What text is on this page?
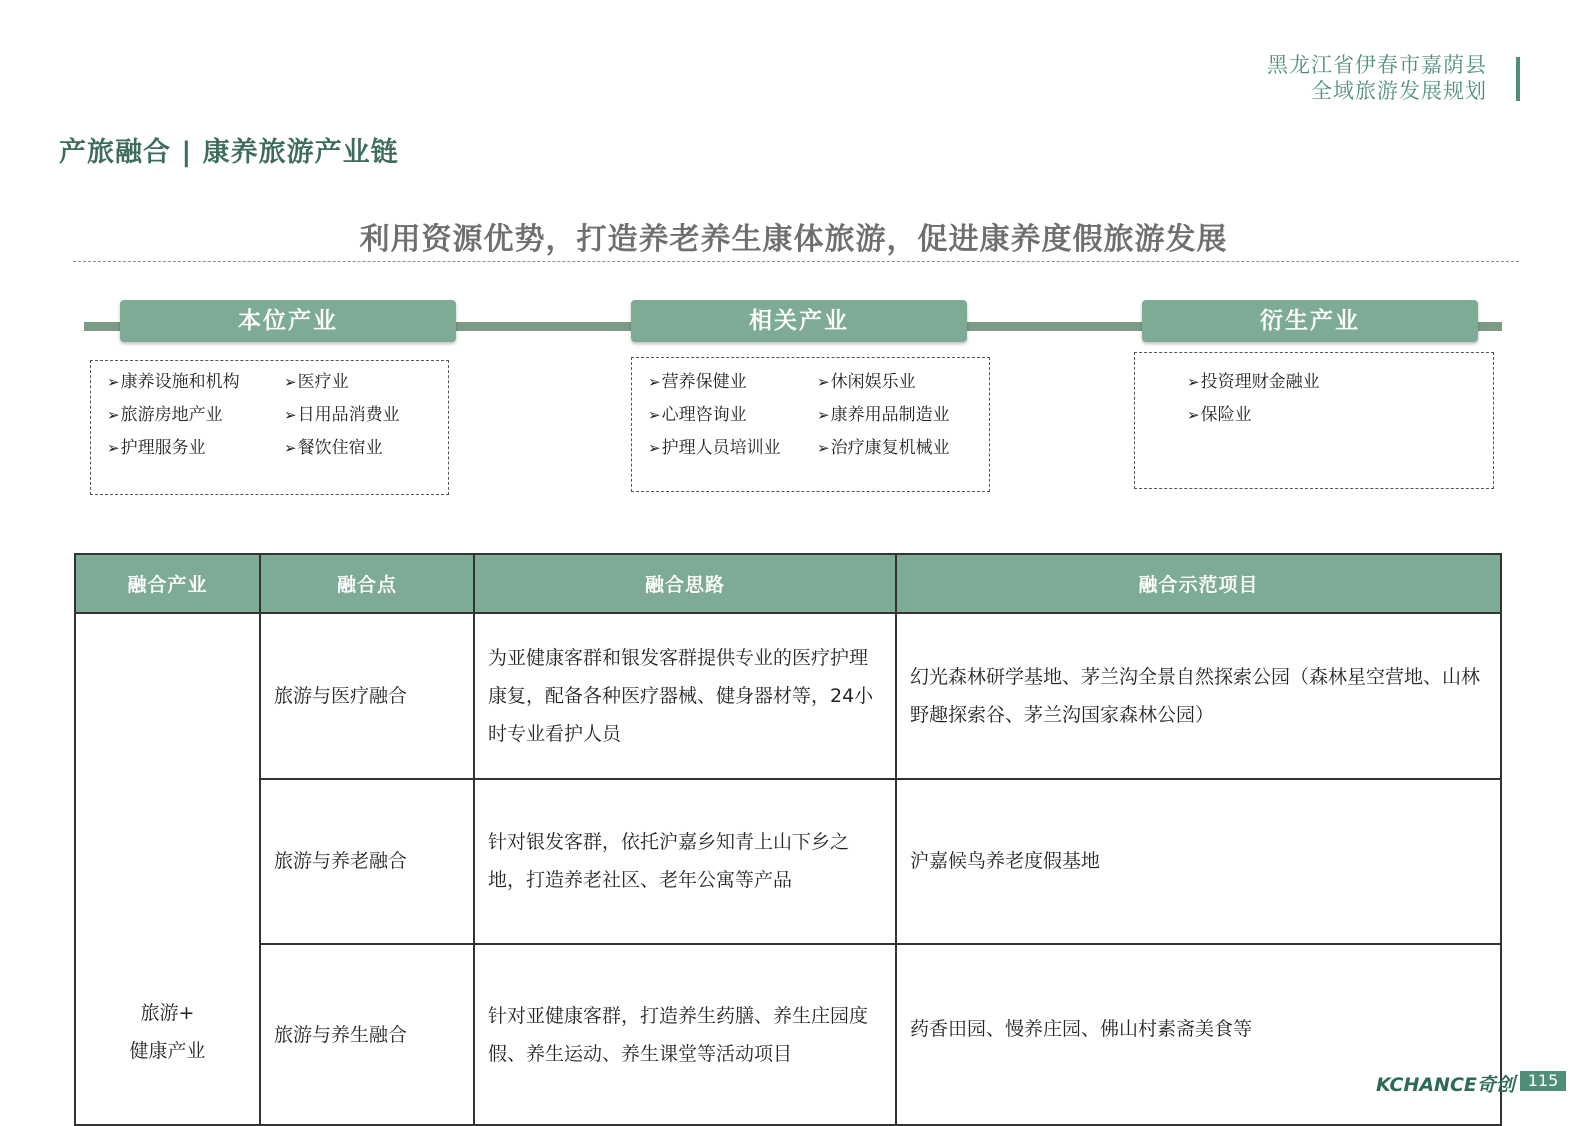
黑龙江省伊春市嘉荫县
全域旅游发展规划
产旅融合 | 康养旅游产业链
利用资源优势，打造养老养生康体旅游，促进康养度假旅游发展
本位产业
➢康养设施和机构	➢医疗业
➢旅游房地产业	➢日用品消费业
➢护理服务业	➢餐饮住宿业
相关产业
➢营养保健业	➢休闲娱乐业
➢心理咨询业	➢康养用品制造业
➢护理人员培训业 ➢治疗康复机械业
衍生产业
➢投资理财金融业
➢保险业
融合产业	融合点	融合思路	融合示范项目

旅游+
健康产业	旅游与医疗融合	为亚健康客群和银发客群提供专业的医疗护理康复，配备各种医疗器械、健身器材等，24小时专业看护人员	幻光森林研学基地、茅兰沟全景自然探索公园（森林星空营地、山林野趣探索谷、茅兰沟国家森林公园）
	旅游与养老融合	针对银发客群，依托沪嘉乡知青上山下乡之地，打造养老社区、老年公寓等产品	沪嘉候鸟养老度假基地
	旅游与养生融合	针对亚健康客群，打造养生药膳、养生庄园度假、养生运动、养生课堂等活动项目	药香田园、慢养庄园、佛山村素斋美食等
KCHANCE奇创 115
